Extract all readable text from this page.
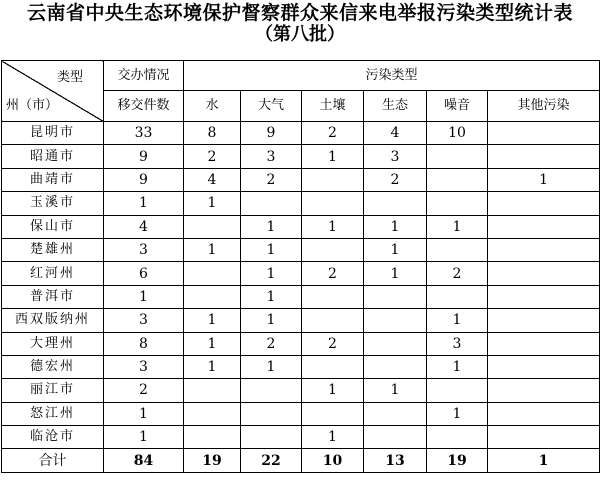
云南省中央生态环境保护督察群众来信来电举报污染类型统计表
（第八批）
类型
州（市）	交办情况	污染类型					
	移交件数	水	大气	土壤	生态	噪音	其他污染
昆明市	33	8	9	2	4	10	
昭通市	9	2	3	1	3		
曲靖市	9	4	2		2		1
玉溪市	1	1					
保山市	4		1	1	1	1	
楚雄州	3	1	1		1		
红河州	6		1	2	1	2	
普洱市	1		1				
西双版纳州	3	1	1			1	
大理州	8	1	2	2		3	
德宏州	3	1	1			1	
丽江市	2			1	1		
怒江州	1					1	
临沧市	1			1			
合计	84	19	22	10	13	19	1
